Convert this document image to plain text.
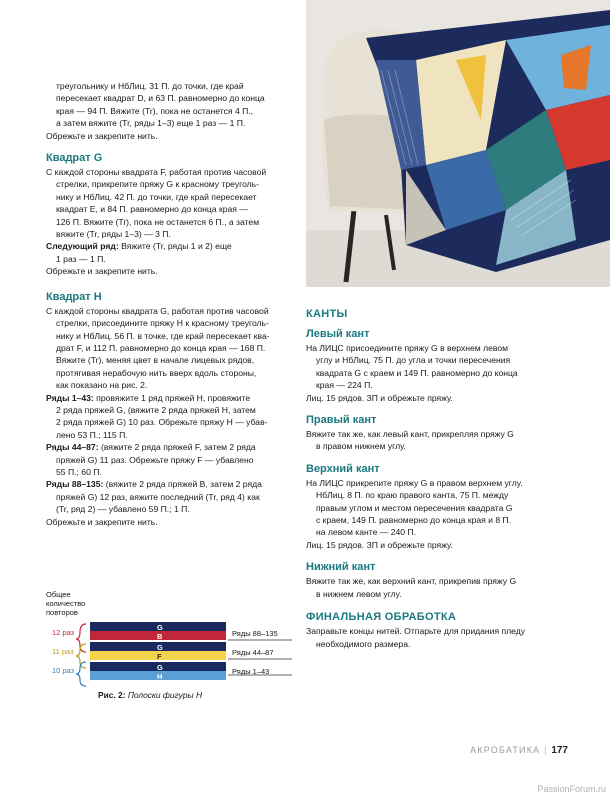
треугольнику и НбЛиц. 31 П. до точки, где край

пересекает квадрат D, и 63 П. равномерно до конца

края — 94 П. Вяжите (Tr), пока не останется 4 П.,

а затем вяжите (Tr, ряды 1–3) еще 1 раз — 1 П.

Обрежьте и закрепите нить.

Квадрат G

С каждой стороны квадрата F, работая против часовой

стрелки, прикрепите пряжу G к красному треуголь-

нику и НбЛиц. 42 П. до точки, где край пересекает

квадрат E, и 84 П. равномерно до конца края —

126 П. Вяжите (Tr), пока не останется 6 П., а затем

вяжите (Tr, ряды 1–3) — 3 П.

Следующий ряд: Вяжите (Tr, ряды 1 и 2) еще

1 раз — 1 П.

Обрежьте и закрепите нить.

Квадрат H

С каждой стороны квадрата G, работая против часовой

стрелки, присоедините пряжу H к красному треуголь-

нику и НбЛиц. 56 П. в точке, где край пересекает ква-

драт F, и 112 П. равномерно до конца края — 168 П.

Вяжите (Tr), меняя цвет в начале лицевых рядов,

протягивая нерабочую нить вверх вдоль стороны,

как показано на рис. 2.

Ряды 1–43: провяжите 1 ряд пряжей H, провяжите

2 ряда пряжей G, (вяжите 2 ряда пряжей H, затем

2 ряда пряжей G) 10 раз. Обрежьте пряжу H — убав-

лено 53 П.; 115 П.

Ряды 44–87: (вяжите 2 ряда пряжей F, затем 2 ряда

пряжей G) 11 раз. Обрежьте пряжу F — убавлено

55 П.; 60 П.

Ряды 88–135: (вяжите 2 ряда пряжей B, затем 2 ряда

пряжей G) 12 раз, вяжите последний (Tr, ряд 4) как

(Tr, ряд 2) — убавлено 59 П.; 1 П.

Обрежьте и закрепите нить.

Общее
количество
повторов
12 раз
11 раз
10 раз
G
B
G
F
G
H
Ряды 88–135
Ряды 44–87
Ряды 1–43
Рис. 2: Полоски фигуры H
КАНТЫ
Левый кант

На ЛИЦС присоедините пряжу G в верхнем левом

углу и НбЛиц. 75 П. до угла и точки пересечения

квадрата G с краем и 149 П. равномерно до конца

края — 224 П.

Лиц. 15 рядов. ЗП и обрежьте пряжу.

Правый кант

Вяжите так же, как левый кант, прикрепляя пряжу G

в правом нижнем углу.

Верхний кант

На ЛИЦС прикрепите пряжу G в правом верхнем углу.

НбЛиц. 8 П. по краю правого канта, 75 П. между

правым углом и местом пересечения квадрата G

с краем, 149 П. равномерно до конца края и 8 П.

на левом канте — 240 П.

Лиц. 15 рядов. ЗП и обрежьте пряжу.

Нижний кант

Вяжите так же, как верхний кант, прикрепив пряжу G

в нижнем левом углу.

ФИНАЛЬНАЯ ОБРАБОТКА

Заправьте концы нитей. Отпарьте для придания пледу

необходимого размера.

АКРОБАТИКА | 177
PassionForum.ru
